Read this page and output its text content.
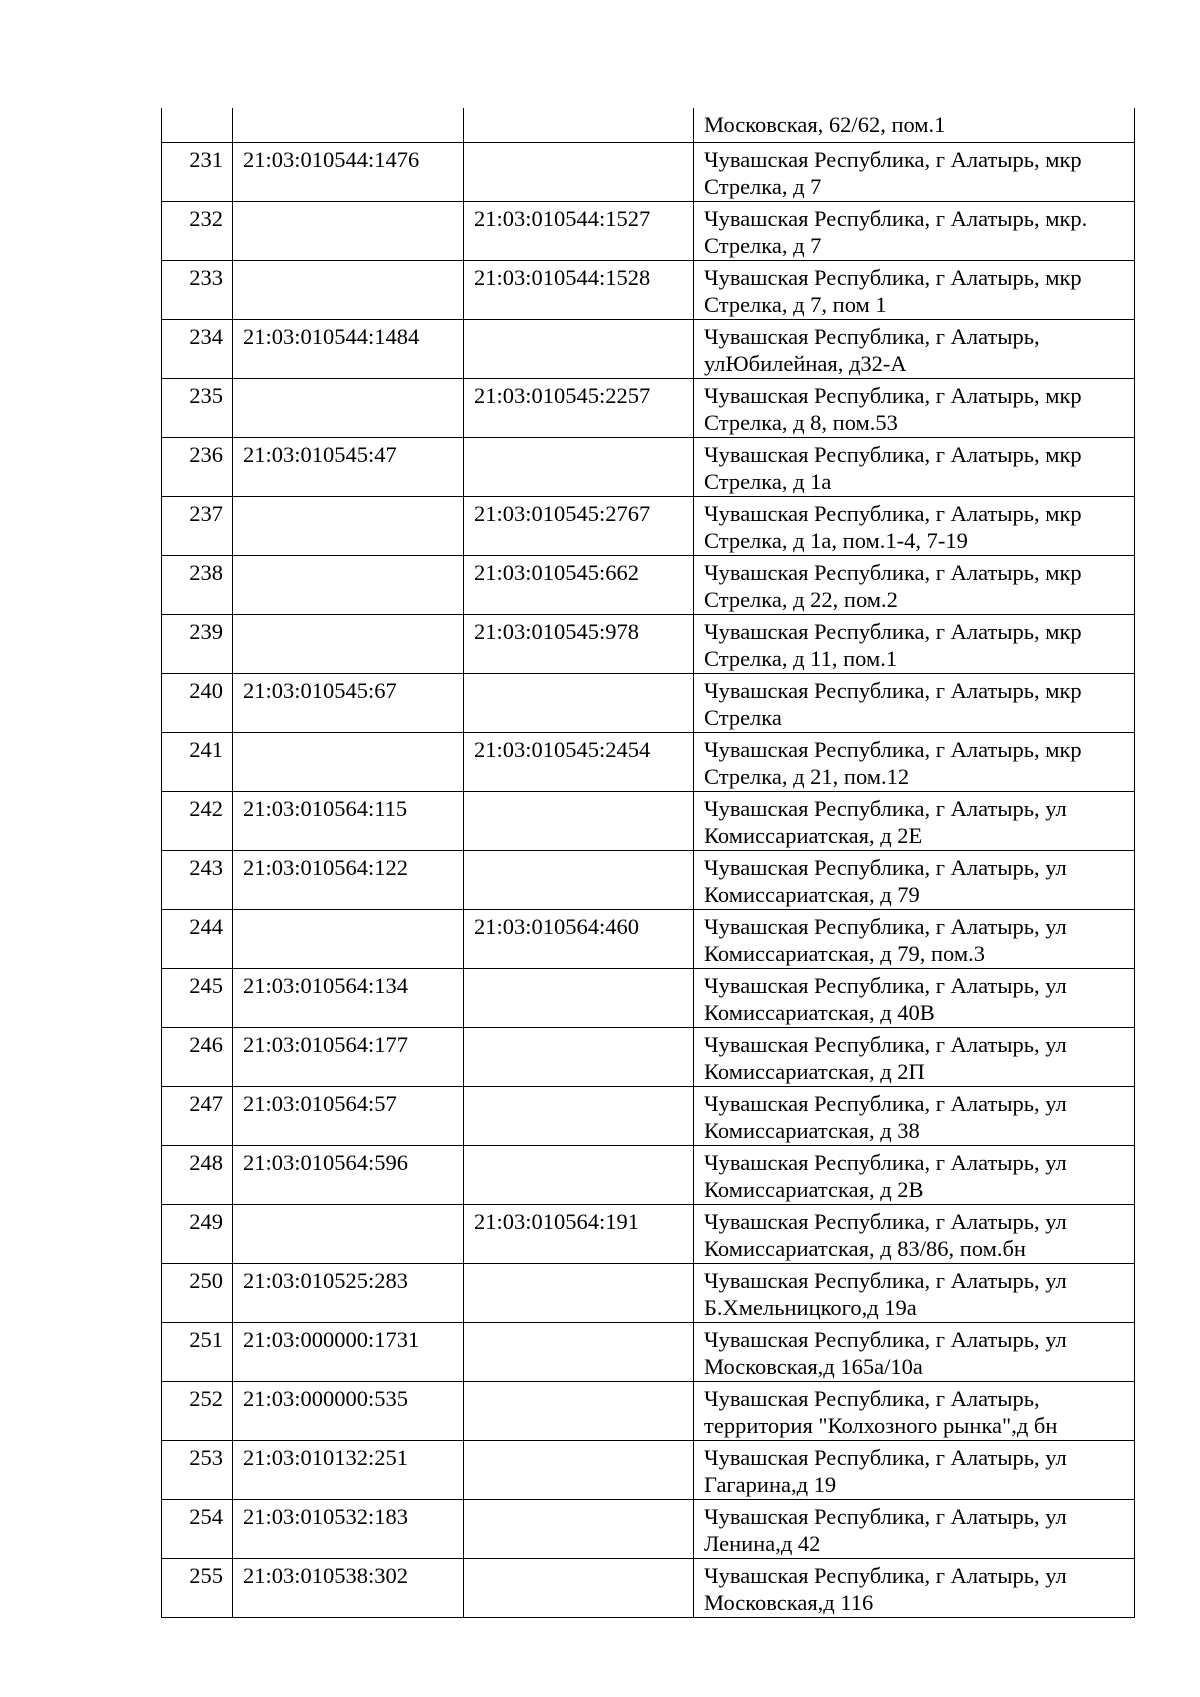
			Московская, 62/62, пом.1
231	21:03:010544:1476		Чувашская Республика, г Алатырь, мкр Стрелка, д 7
232		21:03:010544:1527	Чувашская Республика, г Алатырь, мкр. Стрелка, д 7
233		21:03:010544:1528	Чувашская Республика, г Алатырь, мкр Стрелка, д 7, пом 1
234	21:03:010544:1484		Чувашская Республика, г Алатырь, улЮбилейная, д32-А
235		21:03:010545:2257	Чувашская Республика, г Алатырь, мкр Стрелка, д 8, пом.53
236	21:03:010545:47		Чувашская Республика, г Алатырь, мкр Стрелка, д 1а
237		21:03:010545:2767	Чувашская Республика, г Алатырь, мкр Стрелка, д 1а, пом.1-4, 7-19
238		21:03:010545:662	Чувашская Республика, г Алатырь, мкр Стрелка, д 22, пом.2
239		21:03:010545:978	Чувашская Республика, г Алатырь, мкр Стрелка, д 11, пом.1
240	21:03:010545:67		Чувашская Республика, г Алатырь, мкр Стрелка
241		21:03:010545:2454	Чувашская Республика, г Алатырь, мкр Стрелка, д 21, пом.12
242	21:03:010564:115		Чувашская Республика, г Алатырь, ул Комиссариатская, д 2Е
243	21:03:010564:122		Чувашская Республика, г Алатырь, ул Комиссариатская, д 79
244		21:03:010564:460	Чувашская Республика, г Алатырь, ул Комиссариатская, д 79, пом.3
245	21:03:010564:134		Чувашская Республика, г Алатырь, ул Комиссариатская, д 40В
246	21:03:010564:177		Чувашская Республика, г Алатырь, ул Комиссариатская, д 2П
247	21:03:010564:57		Чувашская Республика, г Алатырь, ул Комиссариатская, д 38
248	21:03:010564:596		Чувашская Республика, г Алатырь, ул Комиссариатская, д 2В
249		21:03:010564:191	Чувашская Республика, г Алатырь, ул Комиссариатская, д 83/86, пом.бн
250	21:03:010525:283		Чувашская Республика, г Алатырь, ул Б.Хмельницкого,д 19а
251	21:03:000000:1731		Чувашская Республика, г Алатырь, ул Московская,д 165а/10а
252	21:03:000000:535		Чувашская Республика, г Алатырь, территория "Колхозного рынка",д бн
253	21:03:010132:251		Чувашская Республика, г Алатырь, ул Гагарина,д 19
254	21:03:010532:183		Чувашская Республика, г Алатырь, ул Ленина,д 42
255	21:03:010538:302		Чувашская Республика, г Алатырь, ул Московская,д 116
